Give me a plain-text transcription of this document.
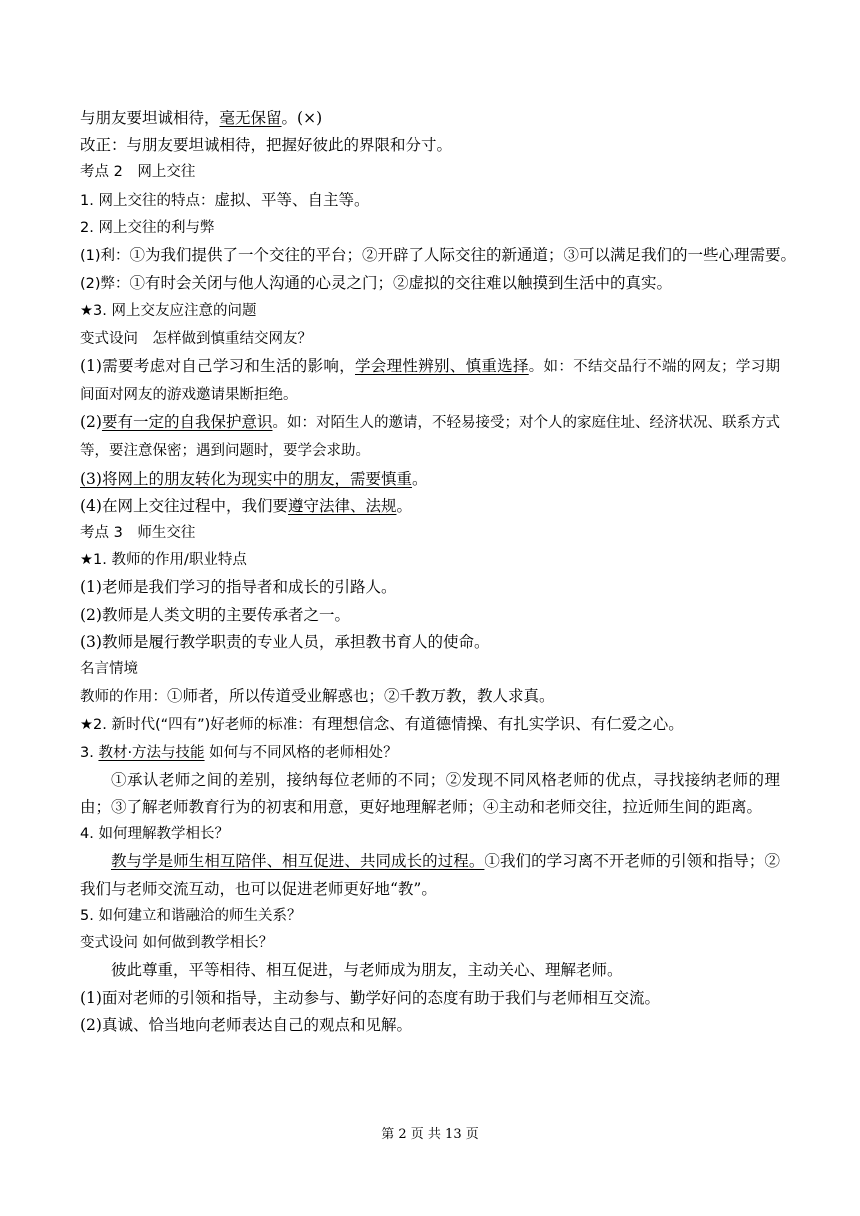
与朋友要坦诚相待，毫无保留。(×)
改正：与朋友要坦诚相待，把握好彼此的界限和分寸。
考点 2　网上交往
1. 网上交往的特点：虚拟、平等、自主等。
2. 网上交往的利与弊
(1)利：①为我们提供了一个交往的平台；②开辟了人际交往的新通道；③可以满足我们的一些心理需要。
(2)弊：①有时会关闭与他人沟通的心灵之门；②虚拟的交往难以触摸到生活中的真实。
★3. 网上交友应注意的问题
变式设问　怎样做到慎重结交网友？
(1)需要考虑对自己学习和生活的影响，学会理性辨别、慎重选择。如：不结交品行不端的网友；学习期间面对网友的游戏邀请果断拒绝。
(2)要有一定的自我保护意识。如：对陌生人的邀请，不轻易接受；对个人的家庭住址、经济状况、联系方式等，要注意保密；遇到问题时，要学会求助。
(3)将网上的朋友转化为现实中的朋友，需要慎重。
(4)在网上交往过程中，我们要遵守法律、法规。
考点 3　师生交往
★1. 教师的作用/职业特点
(1)老师是我们学习的指导者和成长的引路人。
(2)教师是人类文明的主要传承者之一。
(3)教师是履行教学职责的专业人员，承担教书育人的使命。
名言情境
教师的作用：①师者，所以传道受业解惑也；②千教万教，教人求真。
★2. 新时代(“四有”)好老师的标准：有理想信念、有道德情操、有扎实学识、有仁爱之心。
3. 教材·方法与技能 如何与不同风格的老师相处？
①承认老师之间的差别，接纳每位老师的不同；②发现不同风格老师的优点，寻找接纳老师的理由；③了解老师教育行为的初衷和用意，更好地理解老师；④主动和老师交往，拉近师生间的距离。
4. 如何理解教学相长？
教与学是师生相互陪伴、相互促进、共同成长的过程。①我们的学习离不开老师的引领和指导；②我们与老师交流互动，也可以促进老师更好地“教”。
5. 如何建立和谐融洽的师生关系？
变式设问 如何做到教学相长？
彼此尊重，平等相待、相互促进，与老师成为朋友，主动关心、理解老师。
(1)面对老师的引领和指导，主动参与、勤学好问的态度有助于我们与老师相互交流。
(2)真诚、恰当地向老师表达自己的观点和见解。
第 2 页 共 13 页
